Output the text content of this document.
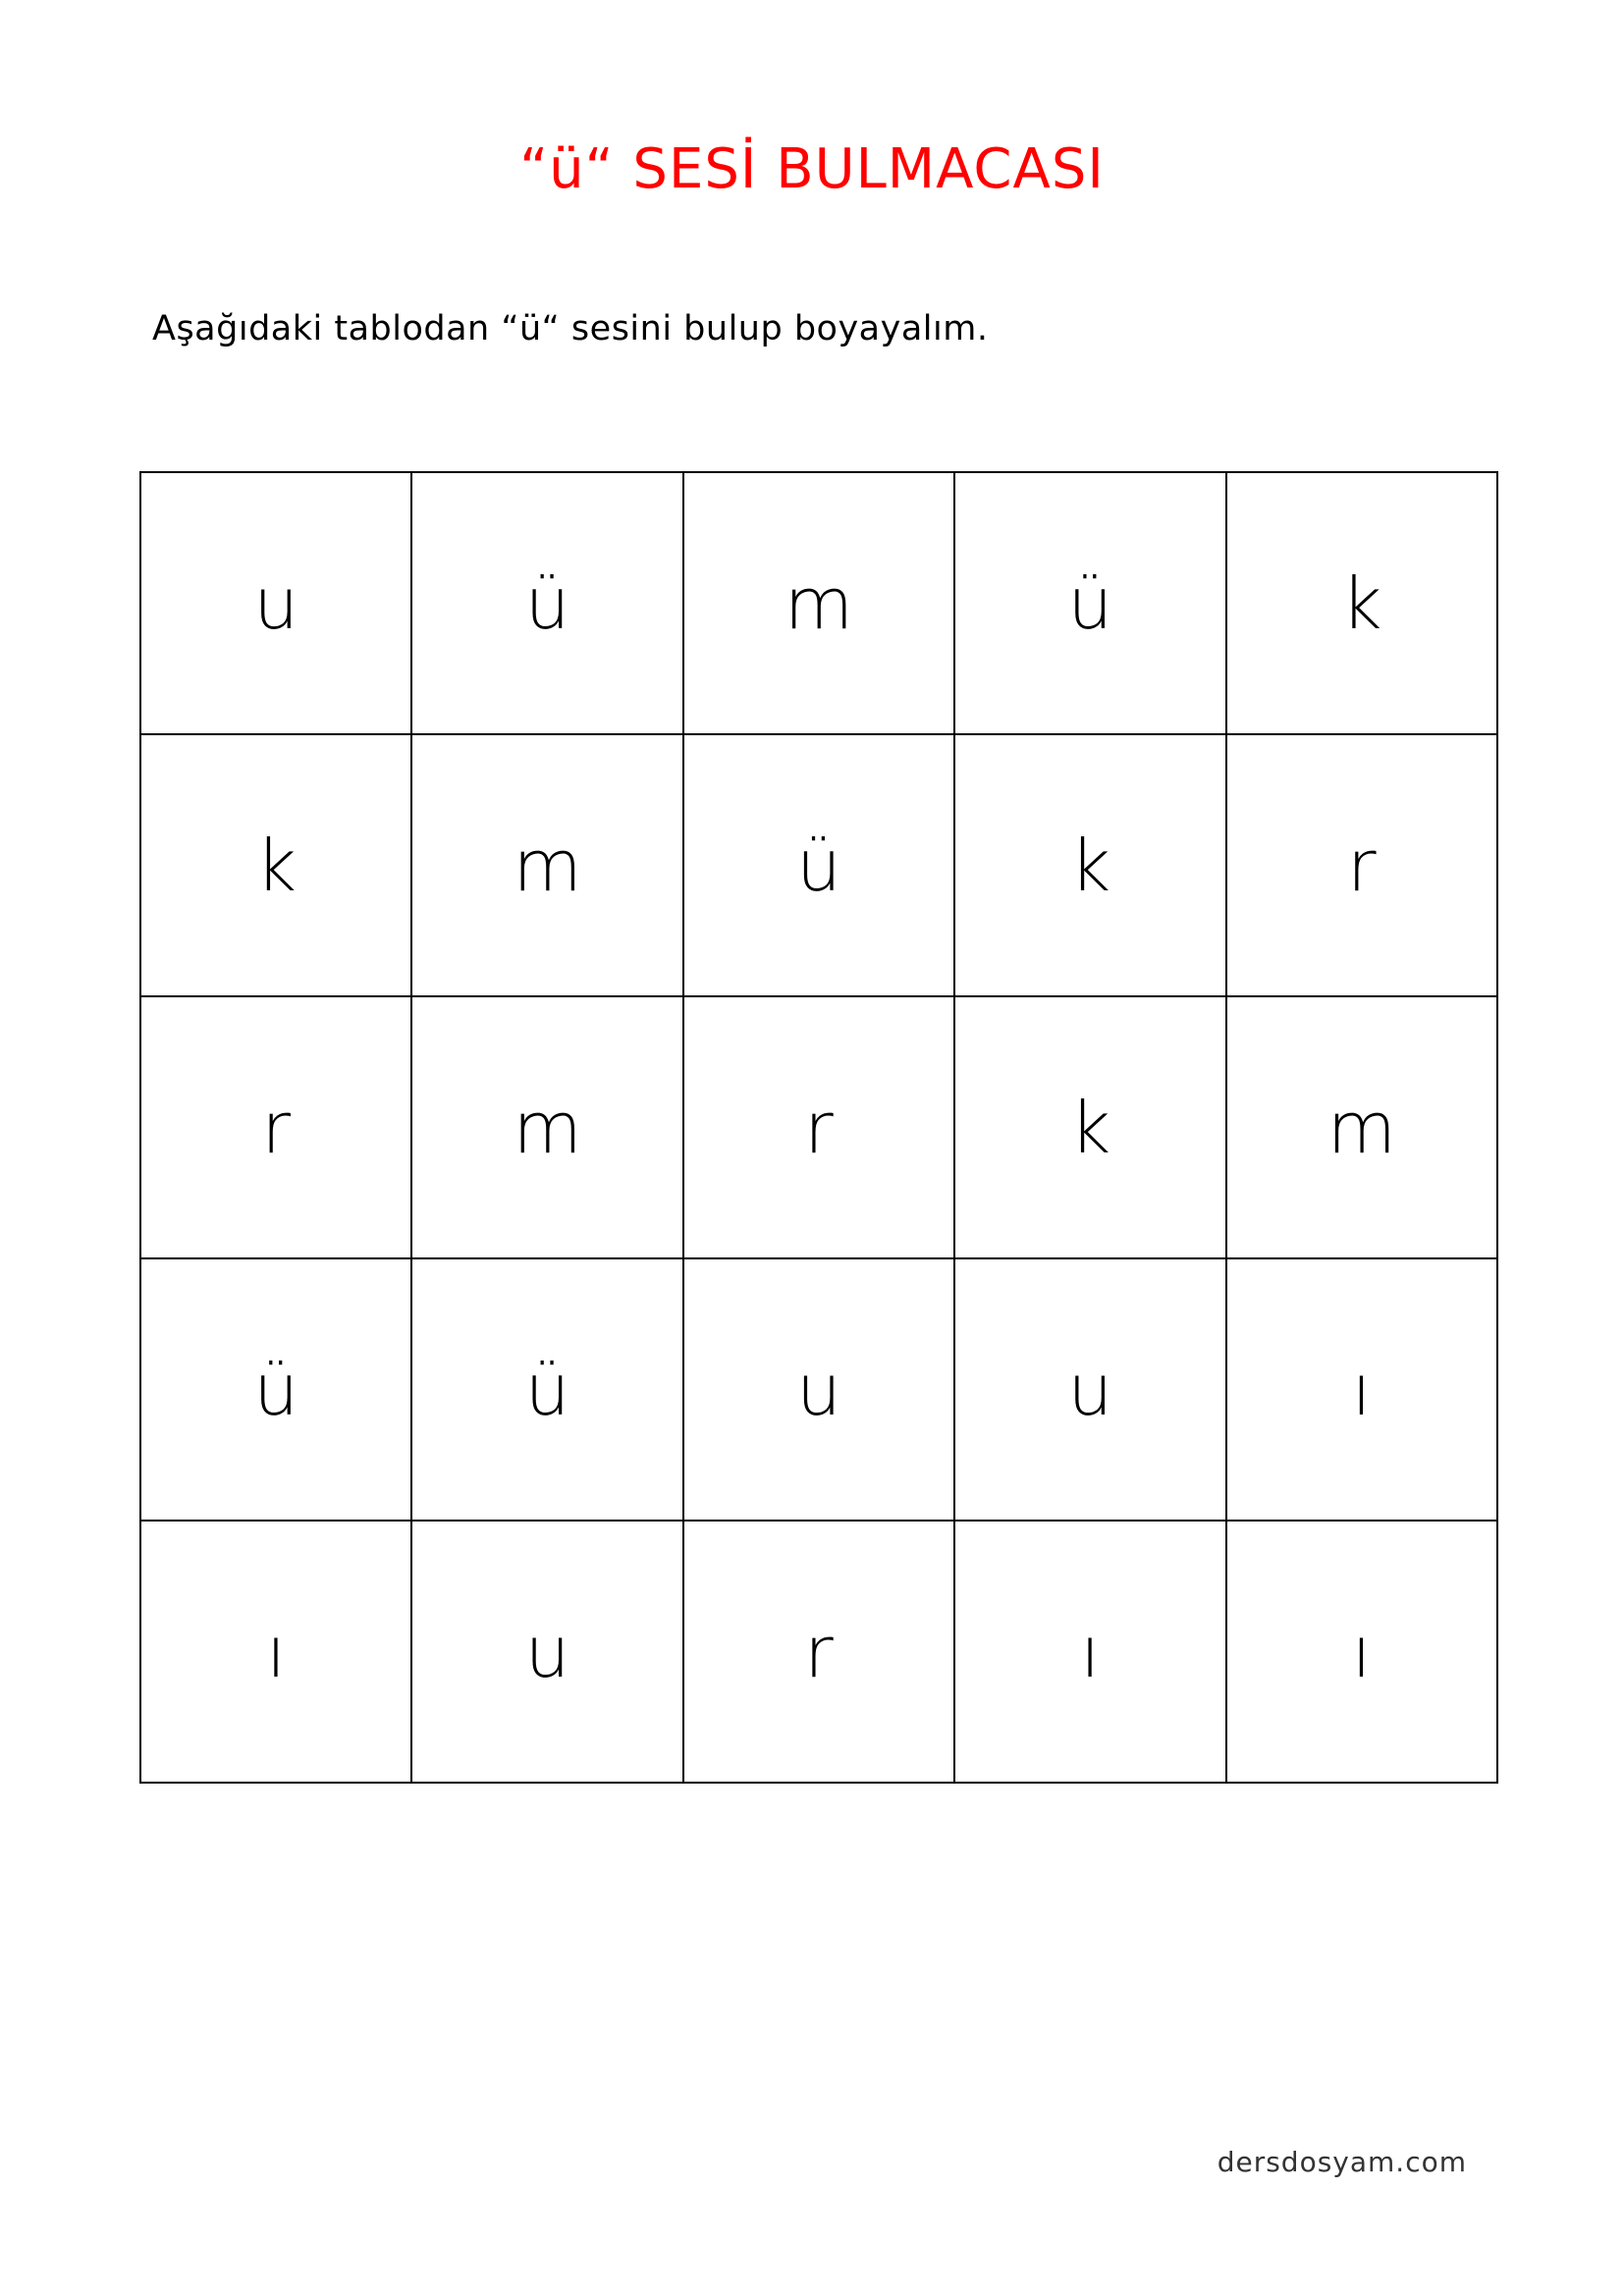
“ü“ SESİ BULMACASI
Aşağıdaki tablodan “ü“ sesini bulup boyayalım.
u	ü	m	ü	k
k	m	ü	k	r
r	m	r	k	m
ü	ü	u	u	ı
ı	u	r	ı	ı
dersdosyam.com
